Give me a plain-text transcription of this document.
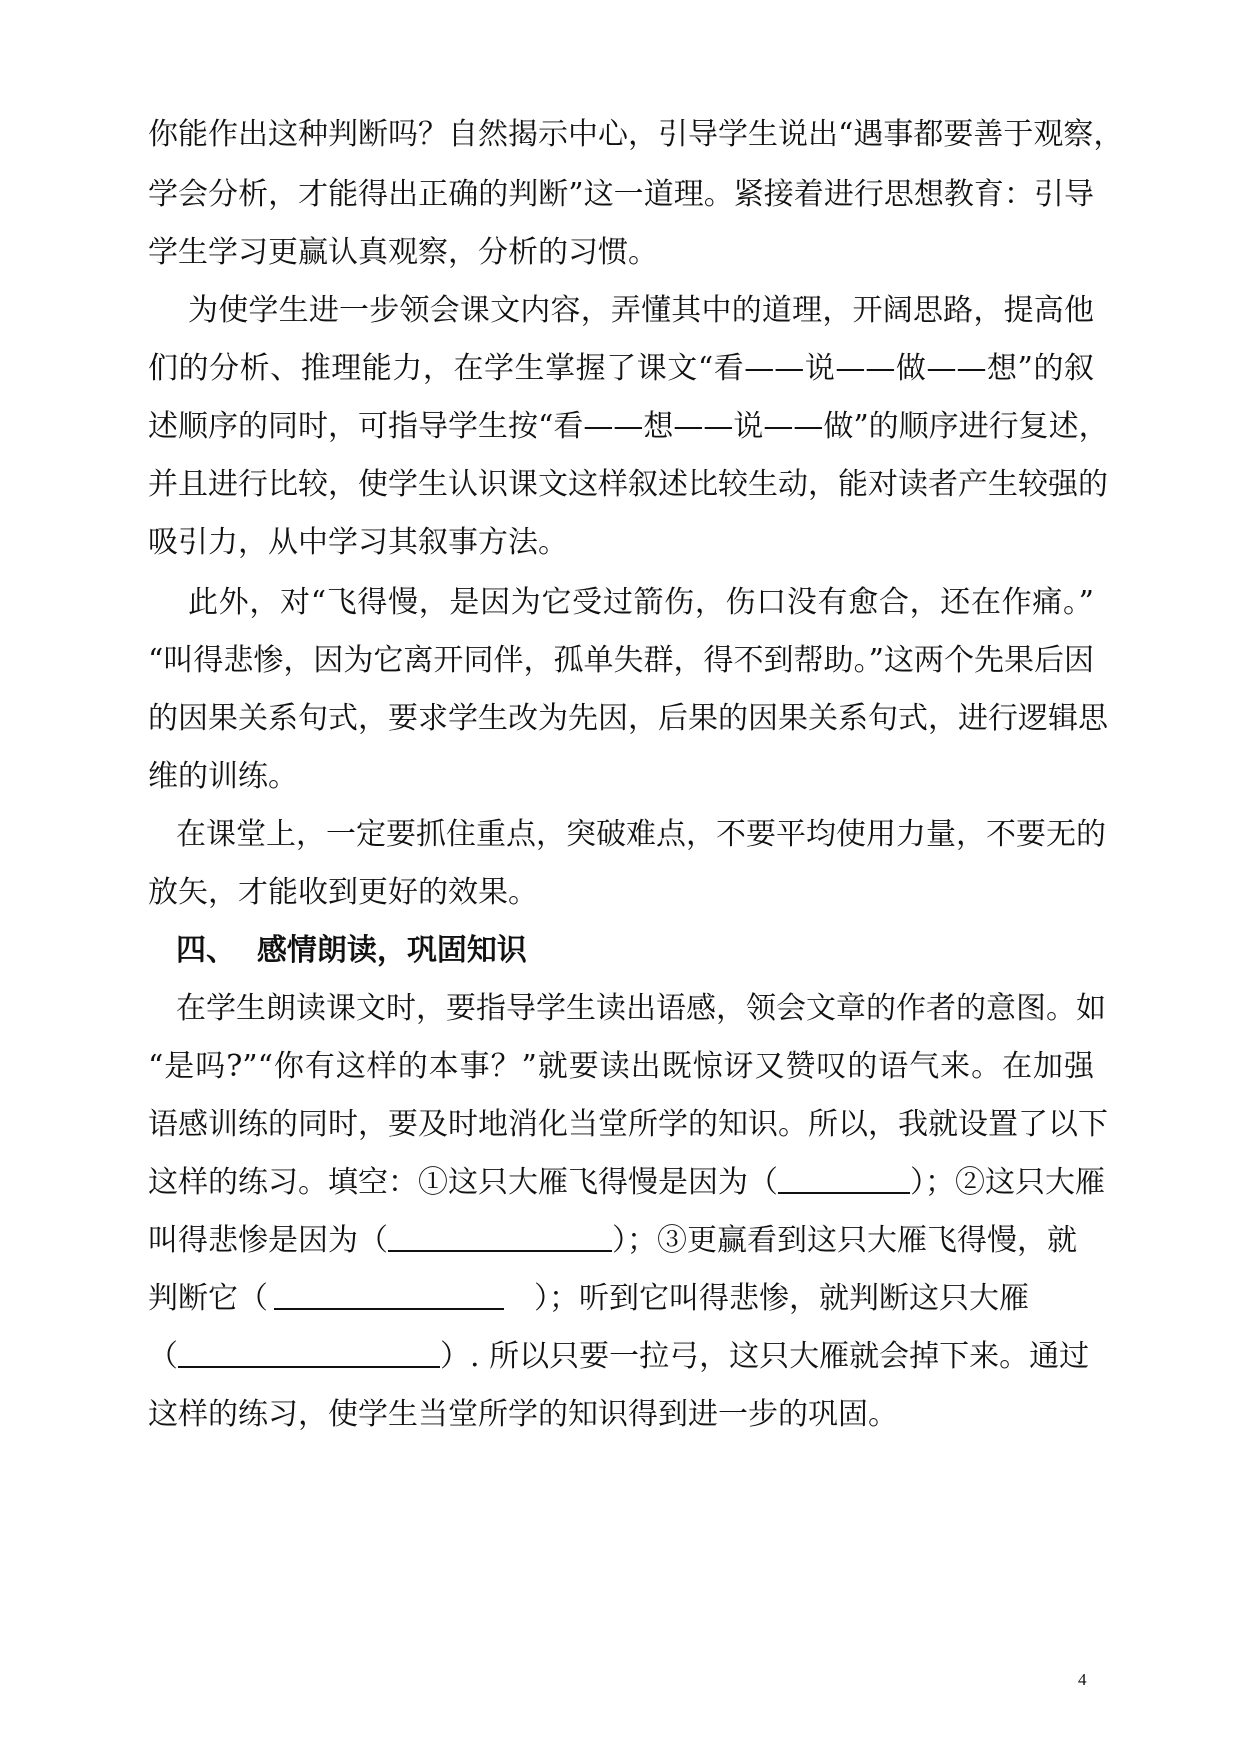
你能作出这种判断吗？自然揭示中心，引导学生说出“遇事都要善于观察，
学会分析，才能得出正确的判断”这一道理。紧接着进行思想教育：引导
学生学习更赢认真观察，分析的习惯。
为使学生进一步领会课文内容，弄懂其中的道理，开阔思路，提高他
们的分析、推理能力，在学生掌握了课文“看——说——做——想”的叙
述顺序的同时，可指导学生按“看——想——说——做”的顺序进行复述，
并且进行比较，使学生认识课文这样叙述比较生动，能对读者产生较强的
吸引力，从中学习其叙事方法。
此外，对“飞得慢，是因为它受过箭伤，伤口没有愈合，还在作痛。”
“叫得悲惨，因为它离开同伴，孤单失群，得不到帮助。”这两个先果后因
的因果关系句式，要求学生改为先因，后果的因果关系句式，进行逻辑思
维的训练。
在课堂上，一定要抓住重点，突破难点，不要平均使用力量，不要无的
放矢，才能收到更好的效果。
四、  感情朗读，巩固知识
在学生朗读课文时，要指导学生读出语感，领会文章的作者的意图。如
“是吗?”“你有这样的本事？”就要读出既惊讶又赞叹的语气来。在加强
语感训练的同时，要及时地消化当堂所学的知识。所以，我就设置了以下
这样的练习。填空：①这只大雁飞得慢是因为（	）；②这只大雁
叫得悲惨是因为（	）；③更赢看到这只大雁飞得慢，就
判断它（	）；听到它叫得悲惨，就判断这只大雁
（	）. 所以只要一拉弓，这只大雁就会掉下来。通过
这样的练习，使学生当堂所学的知识得到进一步的巩固。
4
